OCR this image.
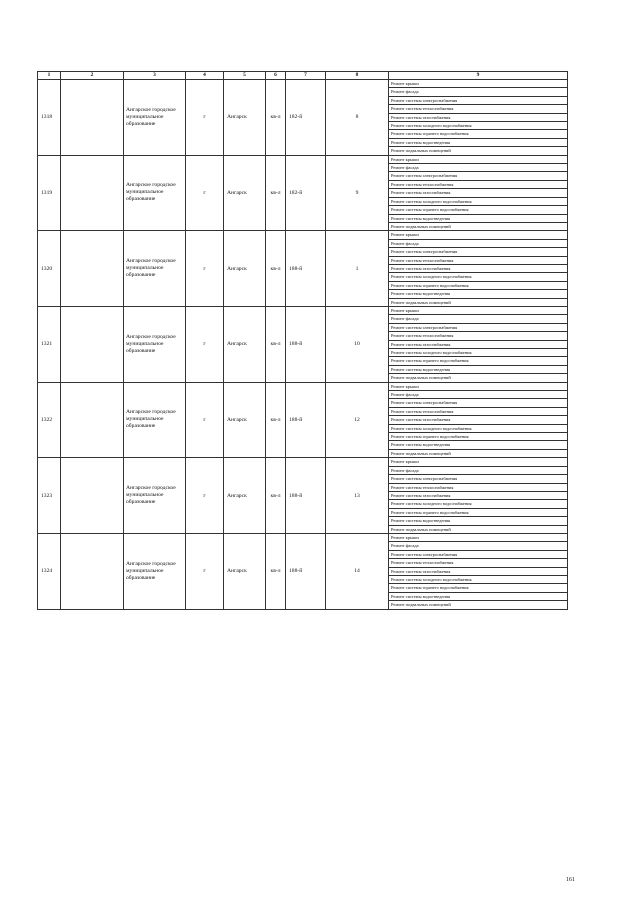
1	2	3	4	5	6	7	8	9
1318		Ангарское городское муниципальное образование	г	Ангарск	кв-л	182-й	8	Ремонт крыши
								Ремонт фасада
								Ремонт системы электроснабжения
								Ремонт системы теплоснабжения
								Ремонт системы газоснабжения
								Ремонт системы холодного водоснабжения
								Ремонт системы горячего водоснабжения
								Ремонт системы водоотведения
								Ремонт подвальных помещений
1319		Ангарское городское муниципальное образование	г	Ангарск	кв-л	182-й	9	Ремонт крыши
								Ремонт фасада
								Ремонт системы электроснабжения
								Ремонт системы теплоснабжения
								Ремонт системы газоснабжения
								Ремонт системы холодного водоснабжения
								Ремонт системы горячего водоснабжения
								Ремонт системы водоотведения
								Ремонт подвальных помещений
1320		Ангарское городское муниципальное образование	г	Ангарск	кв-л	188-й	1	Ремонт крыши
								Ремонт фасада
								Ремонт системы электроснабжения
								Ремонт системы теплоснабжения
								Ремонт системы газоснабжения
								Ремонт системы холодного водоснабжения
								Ремонт системы горячего водоснабжения
								Ремонт системы водоотведения
								Ремонт подвальных помещений
1321		Ангарское городское муниципальное образование	г	Ангарск	кв-л	188-й	10	Ремонт крыши
								Ремонт фасада
								Ремонт системы электроснабжения
								Ремонт системы теплоснабжения
								Ремонт системы газоснабжения
								Ремонт системы холодного водоснабжения
								Ремонт системы горячего водоснабжения
								Ремонт системы водоотведения
								Ремонт подвальных помещений
1322		Ангарское городское муниципальное образование	г	Ангарск	кв-л	188-й	12	Ремонт крыши
								Ремонт фасада
								Ремонт системы электроснабжения
								Ремонт системы теплоснабжения
								Ремонт системы газоснабжения
								Ремонт системы холодного водоснабжения
								Ремонт системы горячего водоснабжения
								Ремонт системы водоотведения
								Ремонт подвальных помещений
1323		Ангарское городское муниципальное образование	г	Ангарск	кв-л	188-й	13	Ремонт крыши
								Ремонт фасада
								Ремонт системы электроснабжения
								Ремонт системы теплоснабжения
								Ремонт системы газоснабжения
								Ремонт системы холодного водоснабжения
								Ремонт системы горячего водоснабжения
								Ремонт системы водоотведения
								Ремонт подвальных помещений
1324		Ангарское городское муниципальное образование	г	Ангарск	кв-л	188-й	14	Ремонт крыши
								Ремонт фасада
								Ремонт системы электроснабжения
								Ремонт системы теплоснабжения
								Ремонт системы газоснабжения
								Ремонт системы холодного водоснабжения
								Ремонт системы горячего водоснабжения
								Ремонт системы водоотведения
								Ремонт подвальных помещений
161
